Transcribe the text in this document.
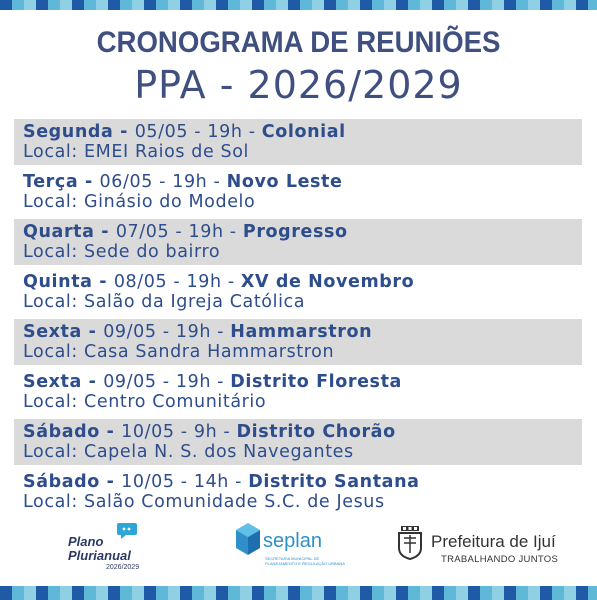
CRONOGRAMA DE REUNIÕES
PPA - 2026/2029
Segunda - 05/05 - 19h - Colonial
Local: EMEI Raios de Sol
Terça - 06/05 - 19h - Novo Leste
Local: Ginásio do Modelo
Quarta - 07/05 - 19h - Progresso
Local: Sede do bairro
Quinta - 08/05 - 19h - XV de Novembro
Local: Salão da Igreja Católica
Sexta - 09/05 - 19h - Hammarstron
Local: Casa Sandra Hammarstron
Sexta - 09/05 - 19h - Distrito Floresta
Local: Centro Comunitário
Sábado - 10/05 - 9h - Distrito Chorão
Local: Capela N. S. dos Navegantes
Sábado - 10/05 - 14h - Distrito Santana
Local: Salão Comunidade S.C. de Jesus
Plano
Plurianual
2026/2029
seplan
SECRETARIA MUNICIPAL DE PLANEJAMENTO E REGULAÇÃO URBANA
Prefeitura de Ijuí
TRABALHANDO JUNTOS
